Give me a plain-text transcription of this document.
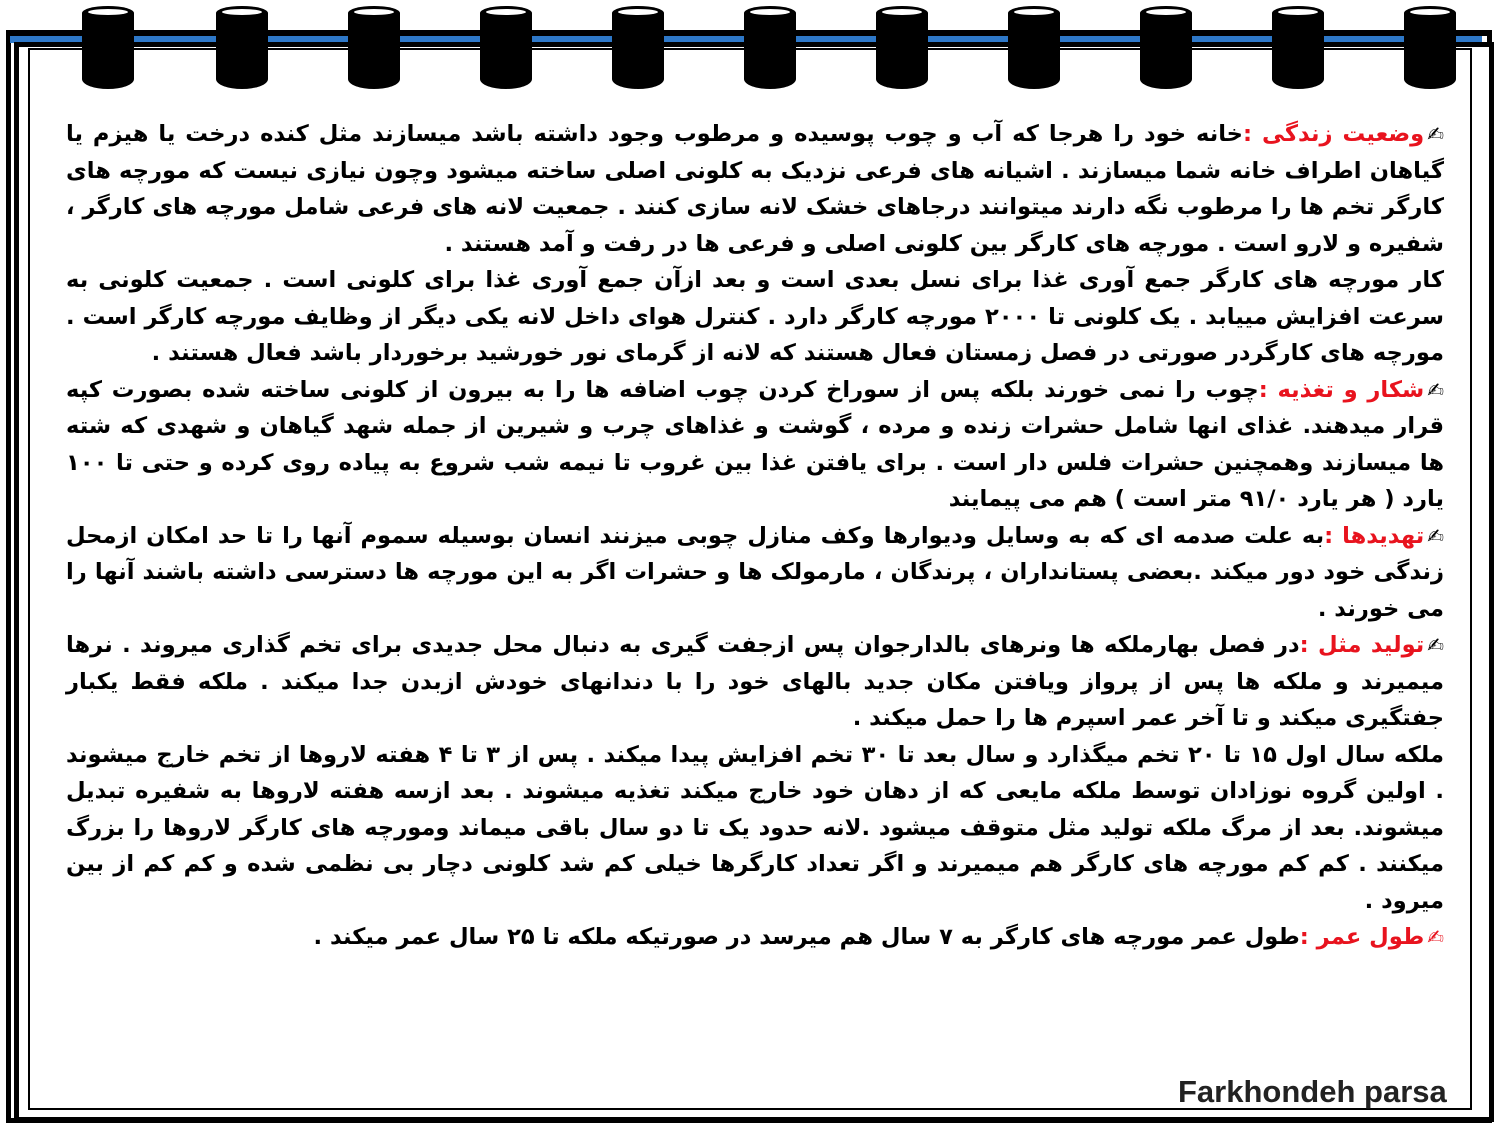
✍وضعیت زندگی :خانه خود را هرجا که آب و چوب پوسیده و مرطوب وجود داشته باشد میسازند مثل کنده درخت یا هیزم یا گیاهان اطراف خانه شما میسازند . اشیانه های فرعی نزدیک به کلونی اصلی ساخته میشود وچون نیازی نیست که مورچه های کارگر تخم ها را مرطوب نگه دارند میتوانند درجاهای خشک لانه سازی کنند . جمعیت لانه های فرعی شامل مورچه های کارگر ، شفیره و لارو است . مورچه های کارگر بین کلونی اصلی و فرعی ها در رفت و آمد هستند .

کار مورچه های کارگر جمع آوری غذا برای نسل بعدی است و بعد ازآن جمع آوری غذا برای کلونی است . جمعیت کلونی به سرعت افزایش مییابد . یک کلونی تا ۲۰۰۰ مورچه کارگر دارد . کنترل هوای داخل لانه یکی دیگر از وظایف مورچه کارگر است . مورچه های کارگردر صورتی در فصل زمستان فعال هستند که لانه از گرمای نور خورشید برخوردار باشد فعال هستند .

✍شکار و تغذیه :چوب را نمی خورند بلکه پس از سوراخ کردن چوب اضافه ها را به بیرون از کلونی ساخته شده بصورت کپه قرار میدهند. غذای انها شامل حشرات زنده و مرده ، گوشت و غذاهای چرب و شیرین از جمله شهد گیاهان و شهدی که شته ها میسازند وهمچنین حشرات فلس دار است . برای یافتن غذا بین غروب تا نیمه شب شروع به پیاده روی کرده و حتی تا ۱۰۰ یارد ( هر یارد ۹۱/۰ متر است ) هم می پیمایند

✍تهدیدها :به علت صدمه ای که به وسایل ودیوارها وکف منازل چوبی میزنند انسان بوسیله سموم آنها را تا حد امکان ازمحل زندگی خود دور میکند .بعضی پستانداران ، پرندگان ، مارمولک ها و حشرات اگر به این مورچه ها دسترسی داشته باشند آنها را می خورند .

✍تولید مثل :در فصل بهارملکه ها ونرهای بالدارجوان پس ازجفت گیری به دنبال محل جدیدی برای تخم گذاری میروند . نرها میمیرند و ملکه ها پس از پرواز ویافتن مکان جدید بالهای خود را با دندانهای خودش ازبدن جدا میکند . ملکه فقط یکبار جفتگیری میکند و تا آخر عمر اسپرم ها را حمل میکند .

ملکه سال اول ۱۵ تا ۲۰ تخم میگذارد و سال بعد تا ۳۰ تخم افزایش پیدا میکند . پس از ۳ تا ۴ هفته لاروها از تخم خارج میشوند . اولین گروه نوزادان توسط ملکه مایعی که از دهان خود خارج میکند تغذیه میشوند . بعد ازسه هفته لاروها به شفیره تبدیل میشوند. بعد از مرگ ملکه تولید مثل متوقف میشود .لانه حدود یک تا دو سال باقی میماند ومورچه های کارگر لاروها را بزرگ میکنند . کم کم مورچه های کارگر هم میمیرند و اگر تعداد کارگرها خیلی کم شد کلونی دچار بی نظمی شده و کم کم از بین میرود .

✍طول عمر :طول عمر مورچه های کارگر به ۷ سال هم میرسد در صورتیکه ملکه تا ۲۵ سال عمر میکند .

Farkhondeh parsa
